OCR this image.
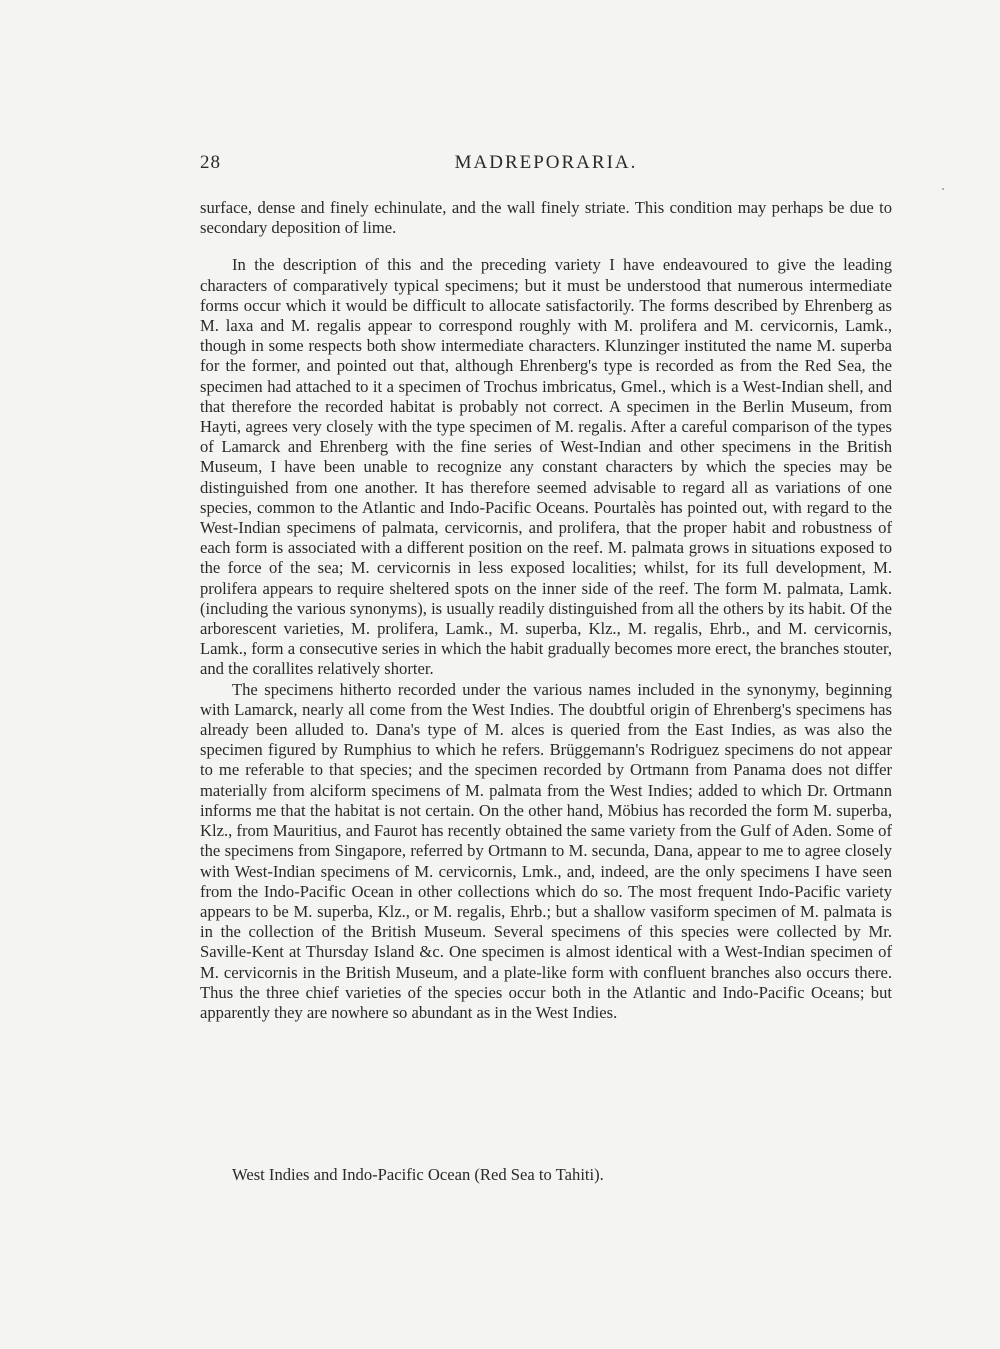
28	MADREPORARIA.

surface, dense and finely echinulate, and the wall finely striate. This condition may perhaps be due to secondary deposition of lime.

In the description of this and the preceding variety I have endeavoured to give the leading characters of comparatively typical specimens; but it must be understood that numerous intermediate forms occur which it would be difficult to allocate satisfactorily. The forms described by Ehrenberg as M. laxa and M. regalis appear to correspond roughly with M. prolifera and M. cervicornis, Lamk., though in some respects both show intermediate characters. Klunzinger instituted the name M. superba for the former, and pointed out that, although Ehrenberg's type is recorded as from the Red Sea, the specimen had attached to it a specimen of Trochus imbricatus, Gmel., which is a West-Indian shell, and that therefore the recorded habitat is probably not correct. A specimen in the Berlin Museum, from Hayti, agrees very closely with the type specimen of M. regalis. After a careful comparison of the types of Lamarck and Ehrenberg with the fine series of West-Indian and other specimens in the British Museum, I have been unable to recognize any constant characters by which the species may be distinguished from one another. It has therefore seemed advisable to regard all as variations of one species, common to the Atlantic and Indo-Pacific Oceans. Pourtalès has pointed out, with regard to the West-Indian specimens of palmata, cervicornis, and prolifera, that the proper habit and robustness of each form is associated with a different position on the reef. M. palmata grows in situations exposed to the force of the sea; M. cervicornis in less exposed localities; whilst, for its full development, M. prolifera appears to require sheltered spots on the inner side of the reef. The form M. palmata, Lamk. (including the various synonyms), is usually readily distinguished from all the others by its habit. Of the arborescent varieties, M. prolifera, Lamk., M. superba, Klz., M. regalis, Ehrb., and M. cervicornis, Lamk., form a consecutive series in which the habit gradually becomes more erect, the branches stouter, and the corallites relatively shorter.

The specimens hitherto recorded under the various names included in the synonymy, beginning with Lamarck, nearly all come from the West Indies. The doubtful origin of Ehrenberg's specimens has already been alluded to. Dana's type of M. alces is queried from the East Indies, as was also the specimen figured by Rumphius to which he refers. Brüggemann's Rodriguez specimens do not appear to me referable to that species; and the specimen recorded by Ortmann from Panama does not differ materially from alciform specimens of M. palmata from the West Indies; added to which Dr. Ortmann informs me that the habitat is not certain. On the other hand, Möbius has recorded the form M. superba, Klz., from Mauritius, and Faurot has recently obtained the same variety from the Gulf of Aden. Some of the specimens from Singapore, referred by Ortmann to M. secunda, Dana, appear to me to agree closely with West-Indian specimens of M. cervicornis, Lmk., and, indeed, are the only specimens I have seen from the Indo-Pacific Ocean in other collections which do so. The most frequent Indo-Pacific variety appears to be M. superba, Klz., or M. regalis, Ehrb.; but a shallow vasiform specimen of M. palmata is in the collection of the British Museum. Several specimens of this species were collected by Mr. Saville-Kent at Thursday Island &c. One specimen is almost identical with a West-Indian specimen of M. cervicornis in the British Museum, and a plate-like form with confluent branches also occurs there. Thus the three chief varieties of the species occur both in the Atlantic and Indo-Pacific Oceans; but apparently they are nowhere so abundant as in the West Indies.

West Indies and Indo-Pacific Ocean (Red Sea to Tahiti).
